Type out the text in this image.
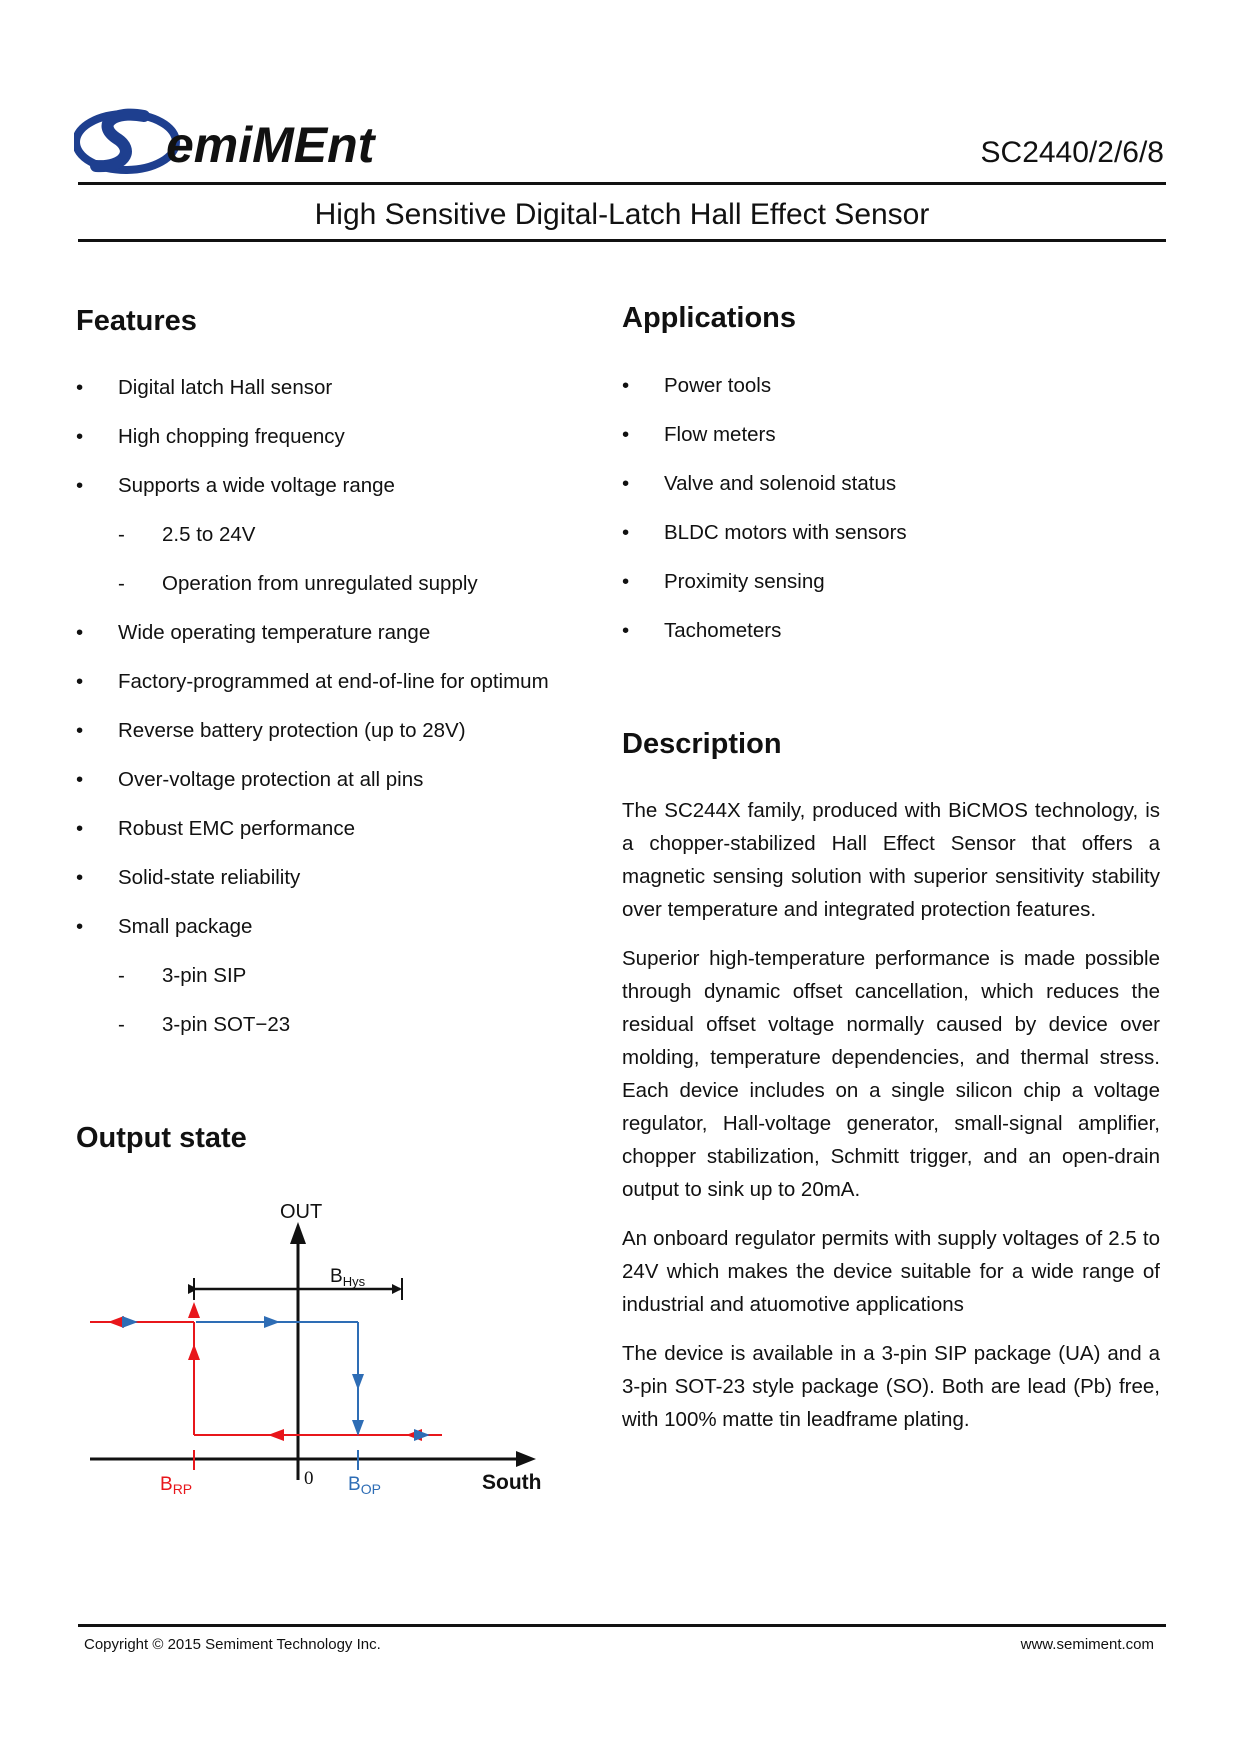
emiMEnt	SC2440/2/6/8
High Sensitive Digital-Latch Hall Effect Sensor
Features
• Digital latch Hall sensor
• High chopping frequency
• Supports a wide voltage range
- 2.5 to 24V
- Operation from unregulated supply
• Wide operating temperature range
• Factory-programmed at end-of-line for optimum
• Reverse battery protection (up to 28V)
• Over-voltage protection at all pins
• Robust EMC performance
• Solid-state reliability
• Small package
- 3-pin SIP
- 3-pin SOT−23
Applications
• Power tools
• Flow meters
• Valve and solenoid status
• BLDC motors with sensors
• Proximity sensing
• Tachometers
Description

The SC244X family, produced with BiCMOS technology, is a chopper-stabilized Hall Effect Sensor that offers a magnetic sensing solution with superior sensitivity stability over temperature and integrated protection features.

Superior high-temperature performance is made possible through dynamic offset cancellation, which reduces the residual offset voltage normally caused by device over molding, temperature dependencies, and thermal stress. Each device includes on a single silicon chip a voltage regulator, Hall-voltage generator, small-signal amplifier, chopper stabilization, Schmitt trigger, and an open-drain output to sink up to 20mA.

An onboard regulator permits with supply voltages of 2.5 to 24V which makes the device suitable for a wide range of industrial and atuomotive applications

The device is available in a 3-pin SIP package (UA) and a 3-pin SOT-23 style package (SO). Both are lead (Pb) free, with 100% matte tin leadframe plating.

Output state
OUT
South
0
$B_{Hys}$
$B_{RP}$	$B_{OP}$
Copyright © 2015 Semiment Technology Inc.	www.semiment.com
